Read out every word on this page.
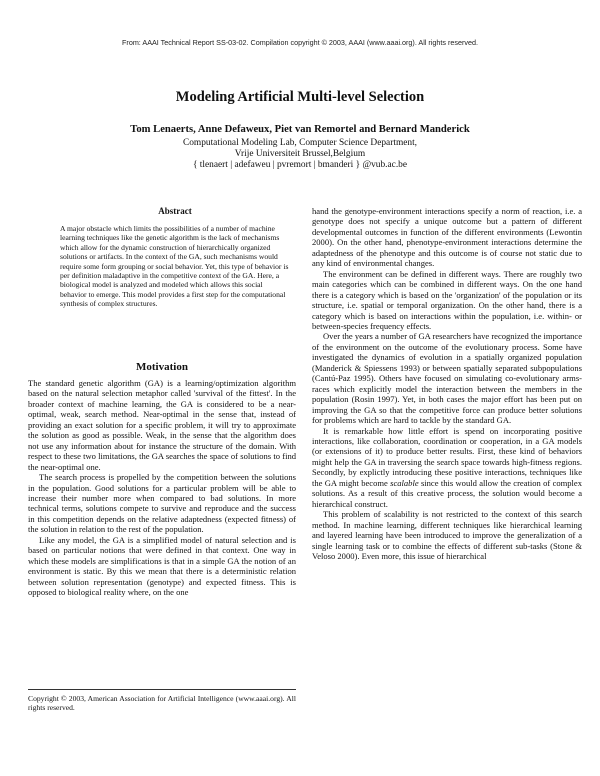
From: AAAI Technical Report SS-03-02. Compilation copyright © 2003, AAAI (www.aaai.org). All rights reserved.
Modeling Artificial Multi-level Selection
Tom Lenaerts, Anne Defaweux, Piet van Remortel and Bernard Manderick
Computational Modeling Lab, Computer Science Department,
Vrije Universiteit Brussel,Belgium
{ tlenaert | adefaweu | pvremort | bmanderi } @vub.ac.be
Abstract
A major obstacle which limits the possibilities of a number of machine learning techniques like the genetic algorithm is the lack of mechanisms which allow for the dynamic construction of hierarchically organized solutions or artifacts. In the context of the GA, such mechanisms would require some form grouping or social behavior. Yet, this type of behavior is per definition maladaptive in the competitive context of the GA. Here, a biological model is analyzed and modeled which allows this social behavior to emerge. This model provides a first step for the computational synthesis of complex structures.
Motivation

The standard genetic algorithm (GA) is a learning/optimization algorithm based on the natural selection metaphor called 'survival of the fittest'. In the broader context of machine learning, the GA is considered to be a near-optimal, weak, search method. Near-optimal in the sense that, instead of providing an exact solution for a specific problem, it will try to approximate the solution as good as possible. Weak, in the sense that the algorithm does not use any information about for instance the structure of the domain. With respect to these two limitations, the GA searches the space of solutions to find the near-optimal one.

The search process is propelled by the competition between the solutions in the population. Good solutions for a particular problem will be able to increase their number more when compared to bad solutions. In more technical terms, solutions compete to survive and reproduce and the success in this competition depends on the relative adaptedness (expected fitness) of the solution in relation to the rest of the population.

Like any model, the GA is a simplified model of natural selection and is based on particular notions that were defined in that context. One way in which these models are simplifications is that in a simple GA the notion of an environment is static. By this we mean that there is a deterministic relation between solution representation (genotype) and expected fitness. This is opposed to biological reality where, on the one

Copyright © 2003, American Association for Artificial Intelligence (www.aaai.org). All rights reserved.

hand the genotype-environment interactions specify a norm of reaction, i.e. a genotype does not specify a unique outcome but a pattern of different developmental outcomes in function of the different environments (Lewontin 2000). On the other hand, phenotype-environment interactions determine the adaptedness of the phenotype and this outcome is of course not static due to any kind of environmental changes.

The environment can be defined in different ways. There are roughly two main categories which can be combined in different ways. On the one hand there is a category which is based on the 'organization' of the population or its structure, i.e. spatial or temporal organization. On the other hand, there is a category which is based on interactions within the population, i.e. within- or between-species frequency effects.

Over the years a number of GA researchers have recognized the importance of the environment on the outcome of the evolutionary process. Some have investigated the dynamics of evolution in a spatially organized population (Manderick & Spiessens 1993) or between spatially separated subpopulations (Cantú-Paz 1995). Others have focused on simulating co-evolutionary arms-races which explicitly model the interaction between the members in the population (Rosin 1997). Yet, in both cases the major effort has been put on improving the GA so that the competitive force can produce better solutions for problems which are hard to tackle by the standard GA.

It is remarkable how little effort is spend on incorporating positive interactions, like collaboration, coordination or cooperation, in a GA models (or extensions of it) to produce better results. First, these kind of behaviors might help the GA in traversing the search space towards high-fitness regions. Secondly, by explictly introducing these positive interactions, techniques like the GA might become scalable since this would allow the creation of complex solutions. As a result of this creative process, the solution would become a hierarchical construct.

This problem of scalability is not restricted to the context of this search method. In machine learning, different techniques like hierarchical learning and layered learning have been introduced to improve the generalization of a single learning task or to combine the effects of different sub-tasks (Stone & Veloso 2000). Even more, this issue of hierarchical
